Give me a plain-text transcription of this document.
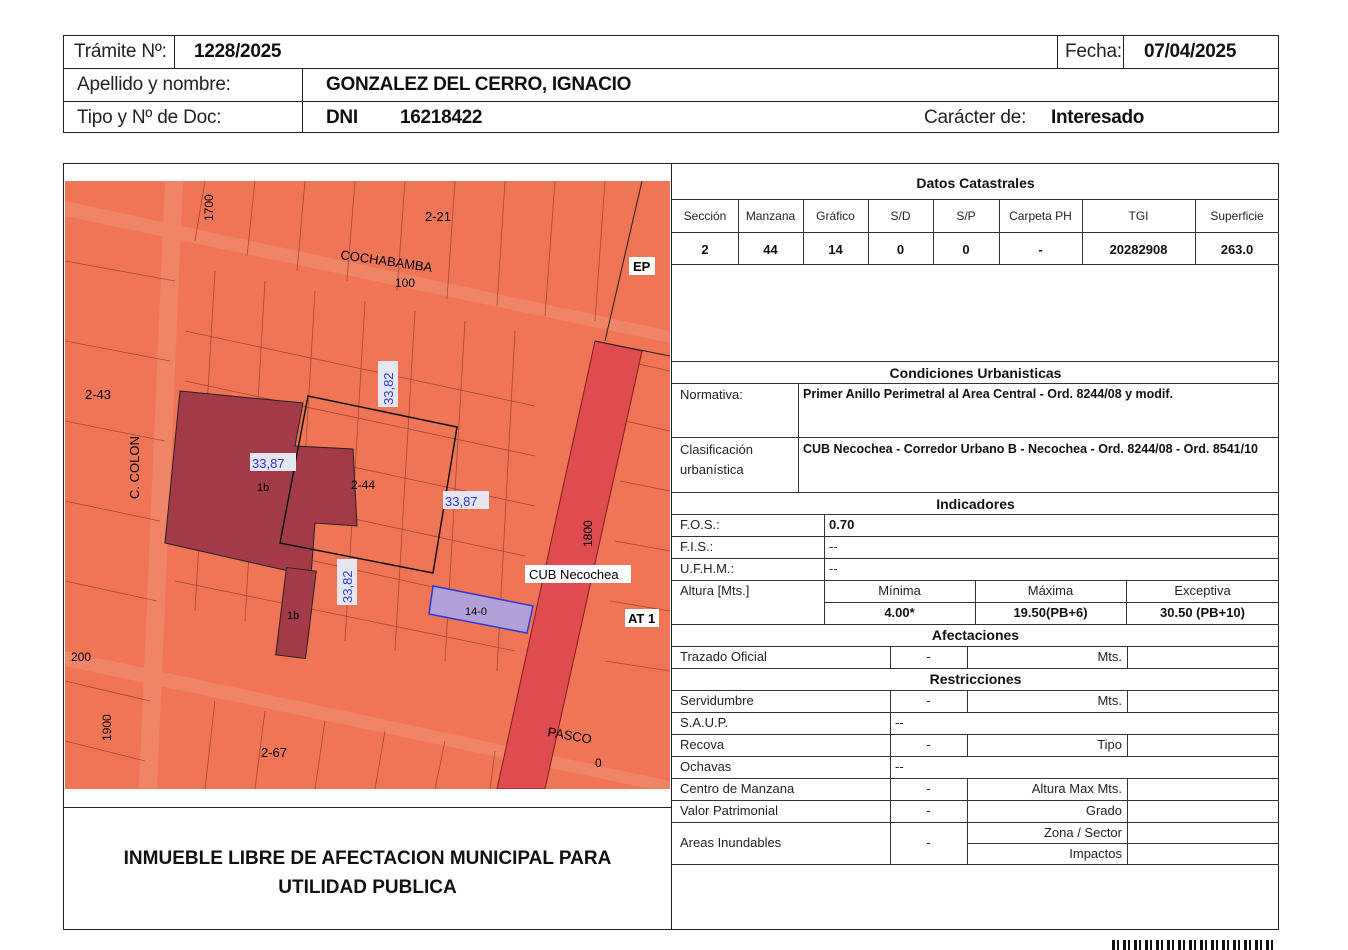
Trámite Nº: 1228/2025	Fecha: 07/04/2025
Apellido y nombre:	GONZALEZ DEL CERRO, IGNACIO
Tipo y Nº de Doc:	DNI 16218422	Carácter de: Interesado
2-21
COCHABAMBA
100
EP
1700
2-43
C. COLON	33,87
33,82
33,87
33,82
1b
1b
2-44
1800
CUB Necochea
14-0	AT 1
200
1900
2-67
PASCO
0
INMUEBLE LIBRE DE AFECTACION MUNICIPAL PARA UTILIDAD PUBLICA
Datos Catastrales
Sección	Manzana	Gráfico	S/D	S/P	Carpeta PH	TGI	Superficie
2	44	14	0	0	-	20282908	263.0
Condiciones Urbanisticas
Normativa:	Primer Anillo Perimetral al Area Central - Ord. 8244/08 y modif.
Clasificación
urbanística
CUB Necochea - Corredor Urbano B - Necochea - Ord. 8244/08 - Ord. 8541/10
Indicadores
F.O.S.:	0.70
F.I.S.:	--
U.F.H.M.:	--
Altura [Mts.]	Mínima	Máxima	Exceptiva
4.00*	19.50(PB+6)	30.50 (PB+10)
Afectaciones
Trazado Oficial	-	Mts.
Restricciones
Servidumbre	-	Mts.
S.A.U.P.	--
Recova	-	Tipo
Ochavas	--
Centro de Manzana	-	Altura Max Mts.
Valor Patrimonial	-	Grado
Areas Inundables	-
Zona / Sector
Impactos
